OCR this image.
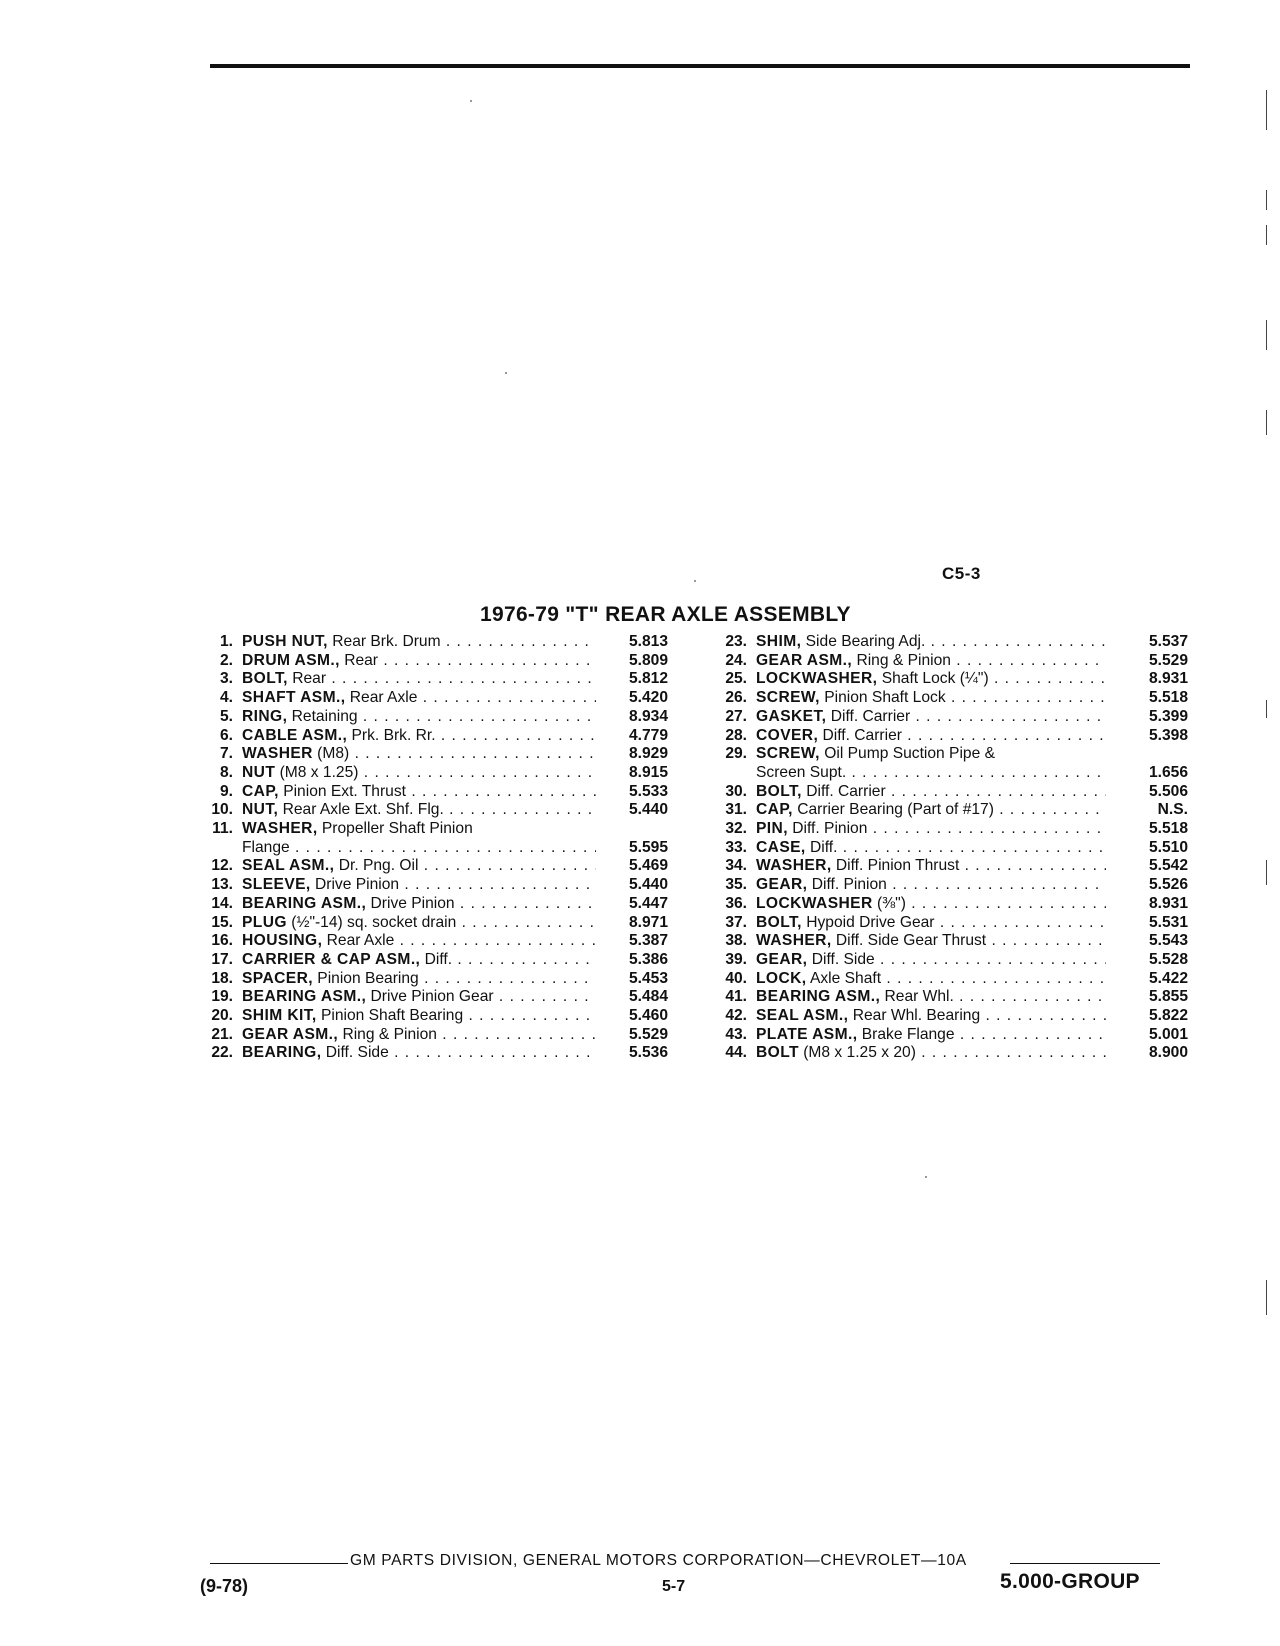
C5-3
1976-79 "T" REAR AXLE ASSEMBLY
1. PUSH NUT, Rear Brk. Drum . . .	5.813
2. DRUM ASM., Rear . . .	5.809
3. BOLT, Rear . . .	5.812
4. SHAFT ASM., Rear Axle . . .	5.420
5. RING, Retaining . . .	8.934
6. CABLE ASM., Prk. Brk. Rr. . . .	4.779
7. WASHER (M8) . . .	8.929
8. NUT (M8 x 1.25) . . .	8.915
9. CAP, Pinion Ext. Thrust . . .	5.533
10. NUT, Rear Axle Ext. Shf. Flg. . . .	5.440
11. WASHER, Propeller Shaft Pinion
Flange . . .	5.595
12. SEAL ASM., Dr. Png. Oil . . .	5.469
13. SLEEVE, Drive Pinion . . .	5.440
14. BEARING ASM., Drive Pinion . . .	5.447
15. PLUG (½"-14) sq. socket drain . . .	8.971
16. HOUSING, Rear Axle . . .	5.387
17. CARRIER & CAP ASM., Diff. . . .	5.386
18. SPACER, Pinion Bearing . . .	5.453
19. BEARING ASM., Drive Pinion Gear . . .	5.484
20. SHIM KIT, Pinion Shaft Bearing . . .	5.460
21. GEAR ASM., Ring & Pinion . . .	5.529
22. BEARING, Diff. Side . . .	5.536
23. SHIM, Side Bearing Adj. . . .	5.537
24. GEAR ASM., Ring & Pinion . . .	5.529
25. LOCKWASHER, Shaft Lock (¼") . . .	8.931
26. SCREW, Pinion Shaft Lock . . .	5.518
27. GASKET, Diff. Carrier . . .	5.399
28. COVER, Diff. Carrier . . .	5.398
29. SCREW, Oil Pump Suction Pipe &
Screen Supt. . . .	1.656
30. BOLT, Diff. Carrier . . .	5.506
31. CAP, Carrier Bearing (Part of #17) . . .	N.S.
32. PIN, Diff. Pinion . . .	5.518
33. CASE, Diff. . . .	5.510
34. WASHER, Diff. Pinion Thrust . . .	5.542
35. GEAR, Diff. Pinion . . .	5.526
36. LOCKWASHER (⅜") . . .	8.931
37. BOLT, Hypoid Drive Gear . . .	5.531
38. WASHER, Diff. Side Gear Thrust . . .	5.543
39. GEAR, Diff. Side . . .	5.528
40. LOCK, Axle Shaft . . .	5.422
41. BEARING ASM., Rear Whl. . . .	5.855
42. SEAL ASM., Rear Whl. Bearing . . .	5.822
43. PLATE ASM., Brake Flange . . .	5.001
44. BOLT (M8 x 1.25 x 20) . . .	8.900
GM PARTS DIVISION, GENERAL MOTORS CORPORATION—CHEVROLET—10A
(9-78)	5-7	5.000-GROUP
